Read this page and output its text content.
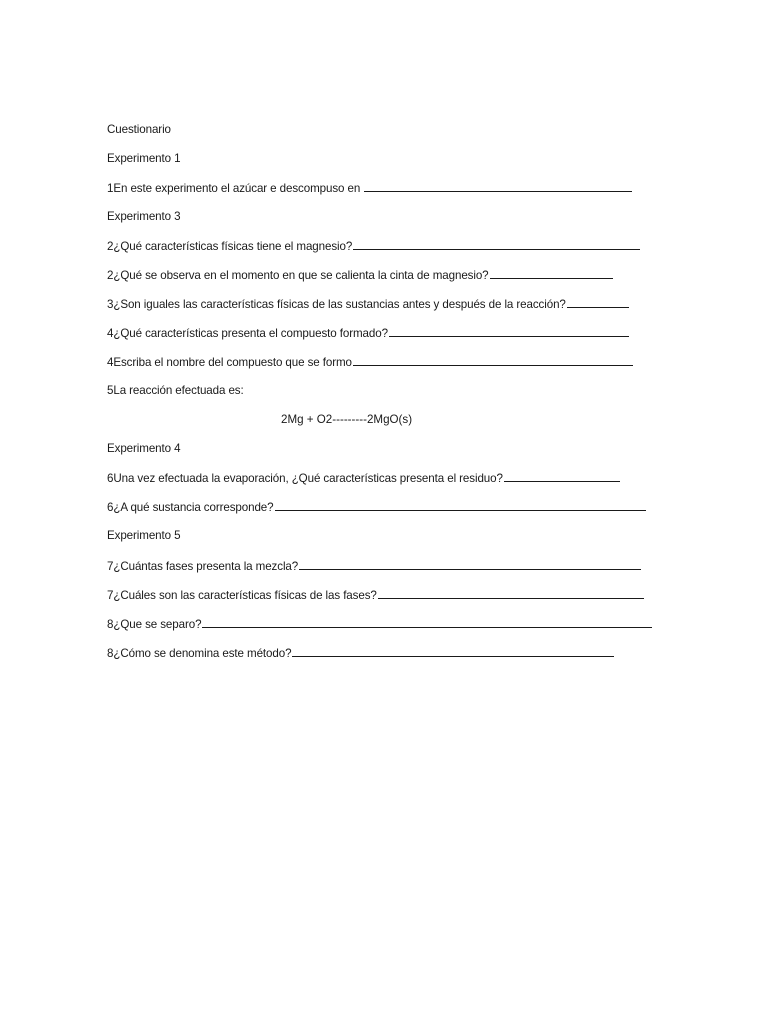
Cuestionario
Experimento 1
1En este experimento el azúcar e descompuso en
Experimento 3
2¿Qué características físicas tiene el magnesio?
2¿Qué se observa en el momento en que se calienta la cinta de magnesio?
3¿Son iguales las características físicas de las sustancias antes y después de la reacción?
4¿Qué características presenta el compuesto formado?
4Escriba el nombre del compuesto que se formo
5La reacción efectuada es:
2Mg + O2---------2MgO(s)
Experimento 4
6Una vez efectuada la evaporación, ¿Qué características presenta el residuo?
6¿A qué sustancia corresponde?
Experimento 5
7¿Cuántas fases presenta la mezcla?
7¿Cuáles son las características físicas de las fases?
8¿Que se separo?
8¿Cómo se denomina este método?
